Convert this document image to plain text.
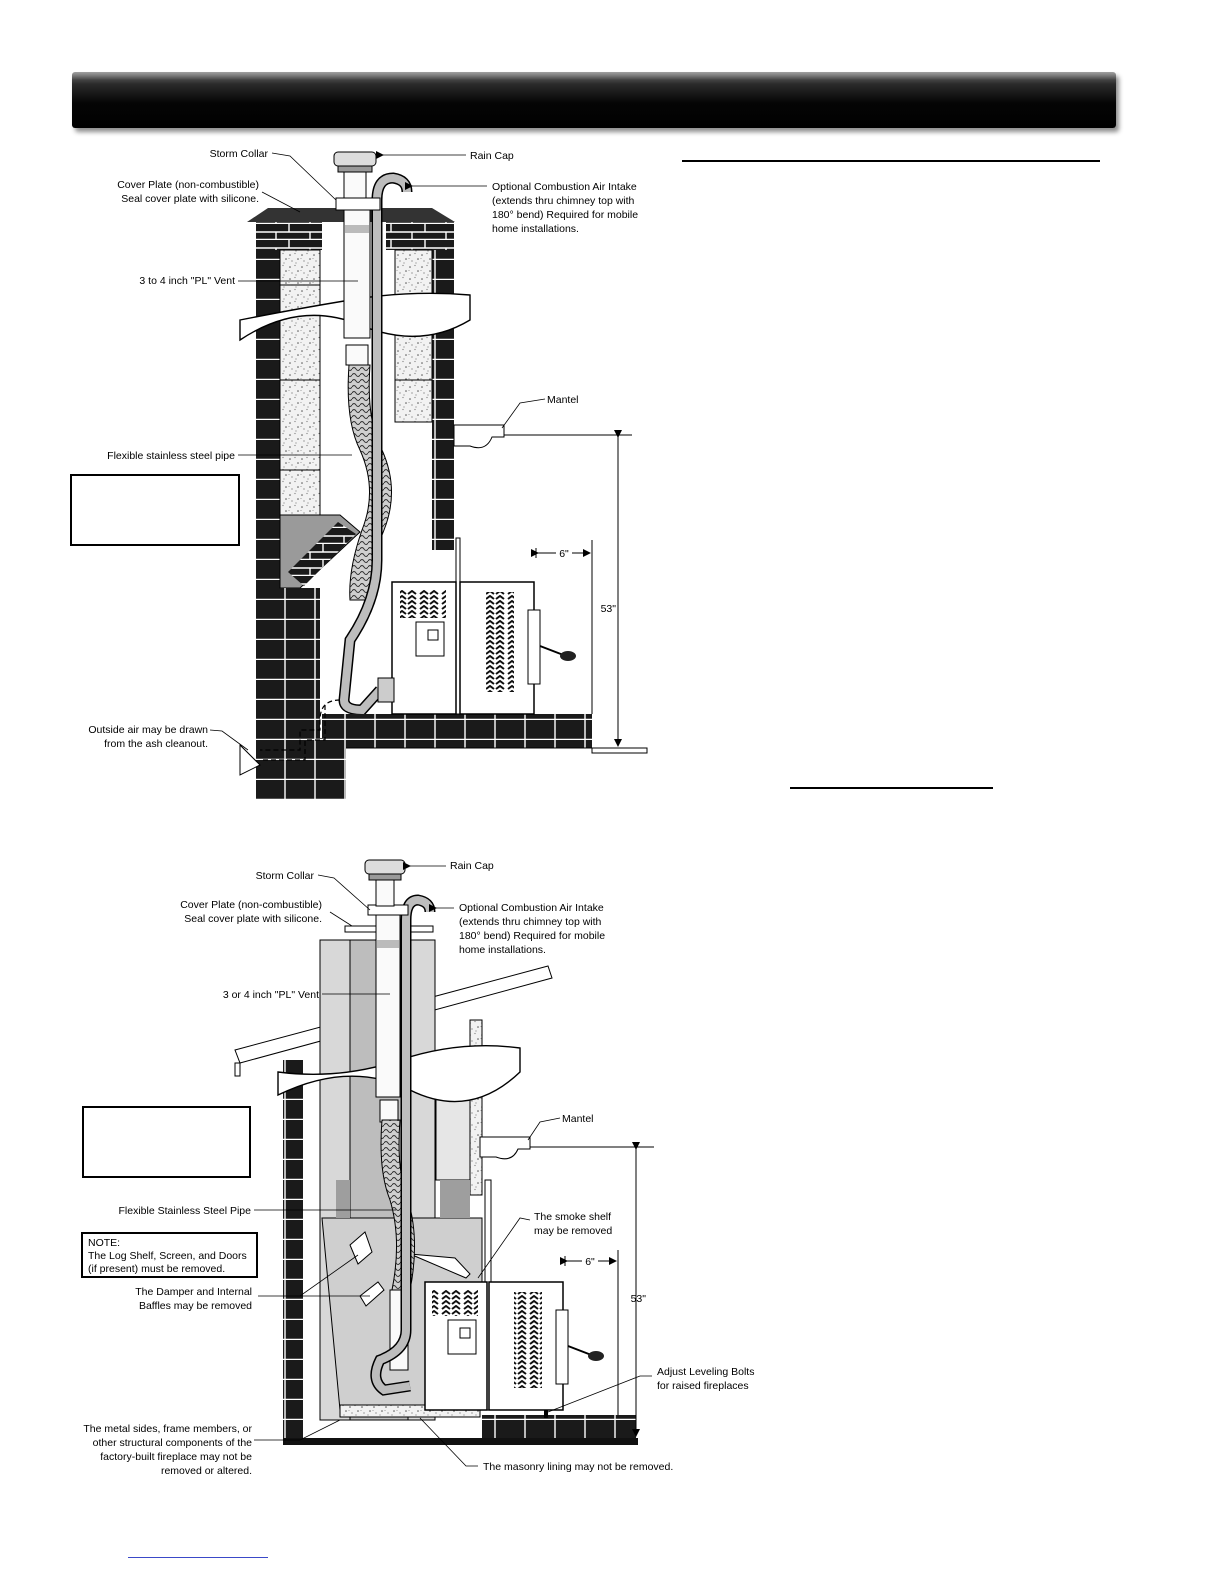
Storm Collar	Rain Cap
Cover Plate (non-combustible)
Seal cover plate with silicone.
Optional Combustion Air Intake
(extends thru chimney top with
180° bend) Required for mobile
home installations.
3 to 4 inch "PL" Vent
Mantel
Flexible stainless steel pipe
6"
53"
Outside air may be drawn
from the ash cleanout.
Rain Cap
Storm Collar
Cover Plate (non-combustible)
Seal cover plate with silicone.
Optional Combustion Air Intake
(extends thru chimney top with
180° bend) Required for mobile
home installations.
3 or 4 inch "PL" Vent
Mantel
Flexible Stainless Steel Pipe	The smoke shelf
may be removed
6"
53"
NOTE:
The Log Shelf, Screen, and Doors
(if present) must be removed.
The Damper and Internal
Baffles may be removed
Adjust Leveling Bolts
for raised fireplaces
The metal sides, frame members, or
other structural components of the
factory-built fireplace may not be
removed or altered.	The masonry lining may not be removed.
